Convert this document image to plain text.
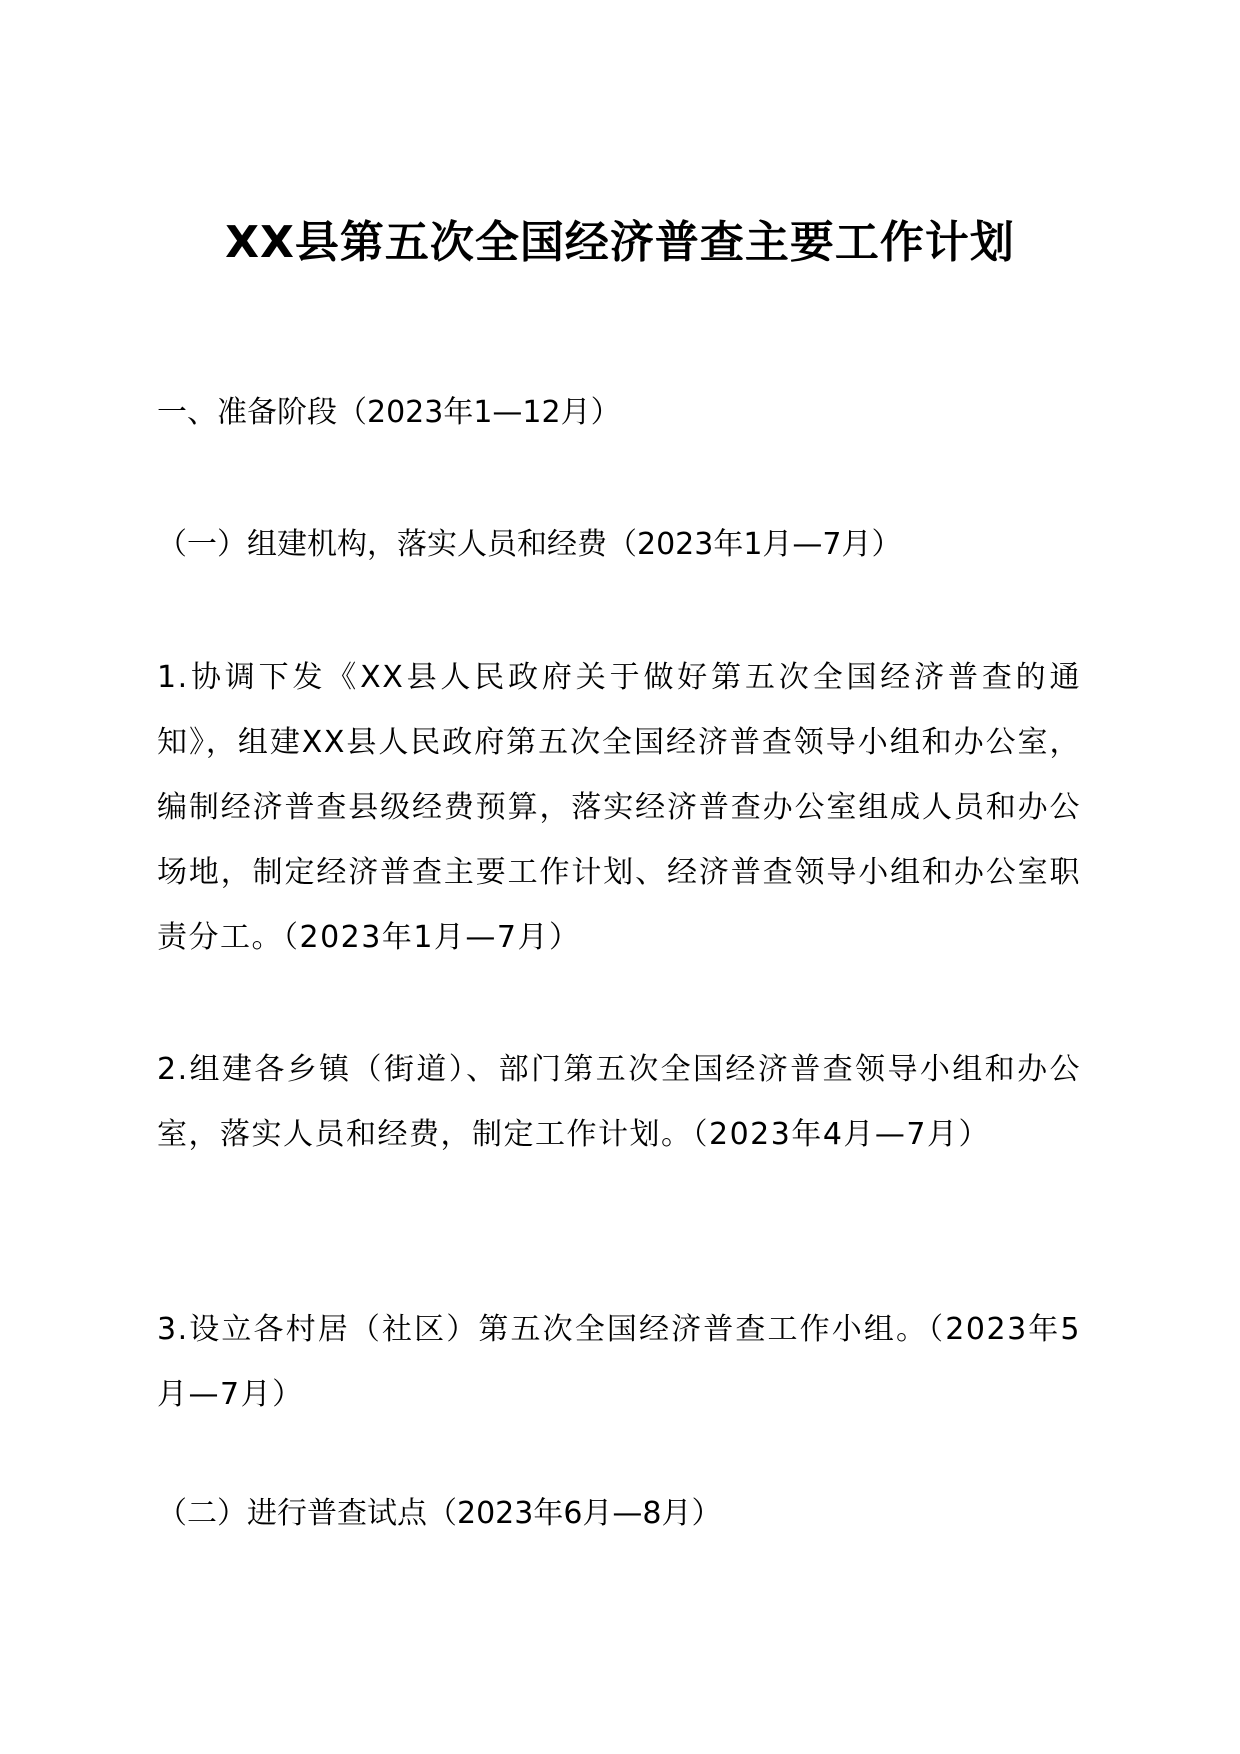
XX县第五次全国经济普查主要工作计划
一、准备阶段（2023年1—12月）
（一）组建机构，落实人员和经费（2023年1月—7月）
1.协调下发《XX县人民政府关于做好第五次全国经济普查的通知》，组建XX县人民政府第五次全国经济普查领导小组和办公室，编制经济普查县级经费预算，落实经济普查办公室组成人员和办公场地，制定经济普查主要工作计划、经济普查领导小组和办公室职责分工。（2023年1月—7月）
2.组建各乡镇（街道）、部门第五次全国经济普查领导小组和办公室，落实人员和经费，制定工作计划。（2023年4月—7月）
3.设立各村居（社区）第五次全国经济普查工作小组。（2023年5月—7月）
（二）进行普查试点（2023年6月—8月）
